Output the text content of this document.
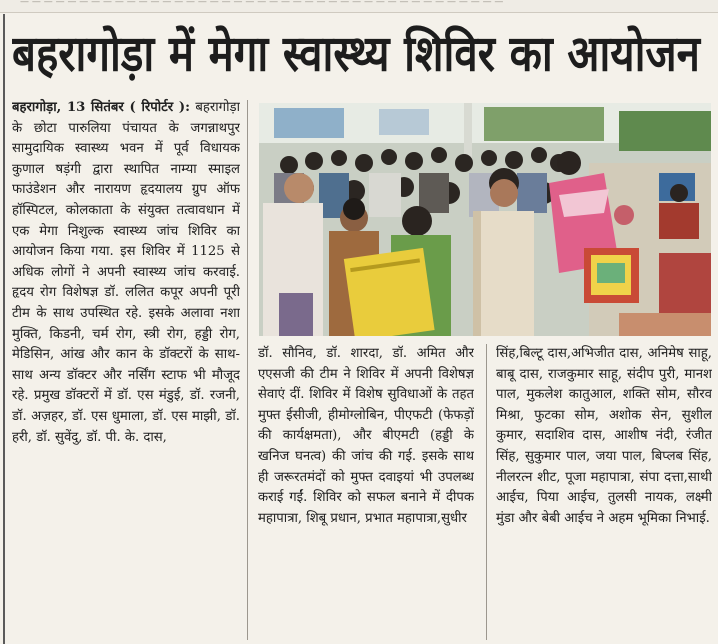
— — — — — — — — — — — — — — — — — — — — — — — — — — — — — — — — — — — — — — — — —
बहरागोड़ा में मेगा स्वास्थ्य शिविर का आयोजन
बहरागोड़ा, 13 सितंबर ( रिपोर्टर ): बहरागोड़ा के छोटा पारुलिया पंचायत के जगन्नाथपुर सामुदायिक स्वास्थ्य भवन में पूर्व विधायक कुणाल षड़ंगी द्वारा स्थापित नाम्या स्माइल फाउंडेशन और नारायण हृदयालय ग्रुप ऑफ हॉस्पिटल, कोलकाता के संयुक्त तत्वावधान में एक मेगा निशुल्क स्वास्थ्य जांच शिविर का आयोजन किया गया. इस शिविर में 1125 से अधिक लोगों ने अपनी स्वास्थ्य जांच करवाई. हृदय रोग विशेषज्ञ डॉ. ललित कपूर अपनी पूरी टीम के साथ उपस्थित रहे. इसके अलावा नशा मुक्ति, किडनी, चर्म रोग, स्त्री रोग, हड्डी रोग, मेडिसिन, आंख और कान के डॉक्टरों के साथ-साथ अन्य डॉक्टर और नर्सिंग स्टाफ भी मौजूद रहे. प्रमुख डॉक्टरों में डॉ. एस मंडुई, डॉ. रजनी, डॉ. अज़हर, डॉ. एस धुमाला, डॉ. एस माझी, डॉ. हरी, डॉ. सुवेंदु, डॉ. पी. के. दास,
डॉ. सौनिव, डॉ. शारदा, डॉ. अमित और एएसजी की टीम ने शिविर में अपनी विशेषज्ञ सेवाएं दीं. शिविर में विशेष सुविधाओं के तहत मुफ्त ईसीजी, हीमोग्लोबिन, पीएफटी (फेफड़ों की कार्यक्षमता), और बीएमटी (हड्डी के खनिज घनत्व) की जांच की गई. इसके साथ ही जरूरतमंदों को मुफ्त दवाइयां भी उपलब्ध कराई गईं. शिविर को सफल बनाने में दीपक महापात्रा, शिबू प्रधान, प्रभात महापात्रा,सुधीर
सिंह,बिल्टू दास,अभिजीत दास, अनिमेष साहू, बाबू दास, राजकुमार साहू, संदीप पुरी, मानश पाल, मुकलेश कातुआल, शक्ति सोम, सौरव मिश्रा, फुटका सोम, अशोक सेन, सुशील कुमार, सदाशिव दास, आशीष नंदी, रंजीत सिंह, सुकुमार पाल, जया पाल, बिप्लब सिंह, नीलरत्न शीट, पूजा महापात्रा, संपा दत्ता,साथी आईच, पिया आईच, तुलसी नायक, लक्ष्मी मुंडा और बेबी आईच ने अहम भूमिका निभाई.
